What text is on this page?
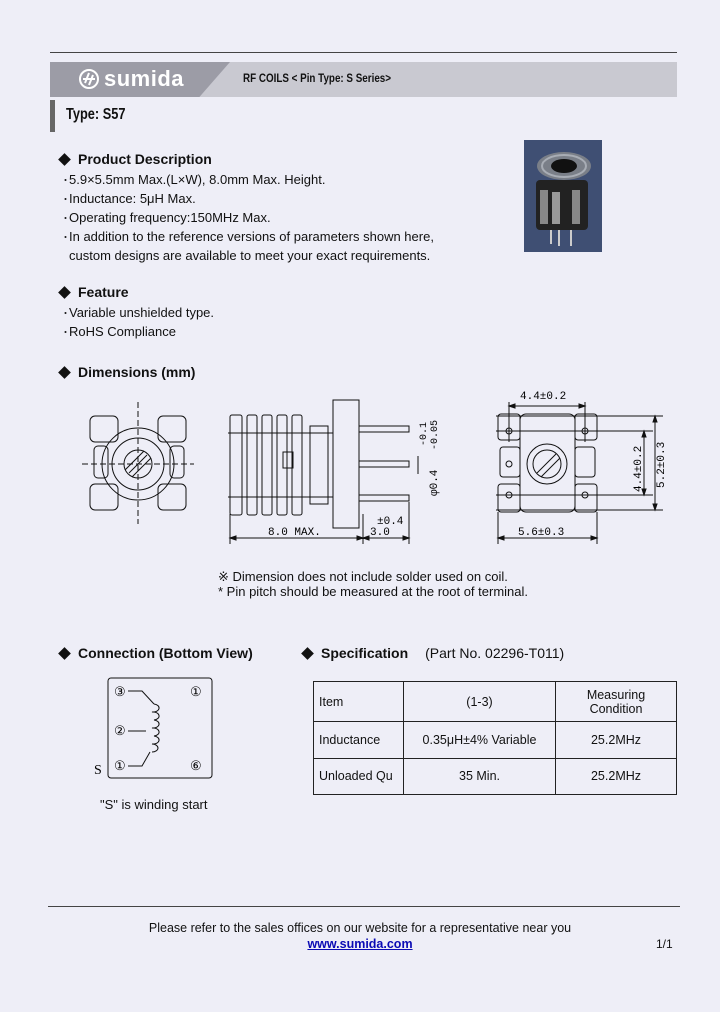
sumida	RF COILS < Pin Type: S Series>
Type: S57
Product Description
・ 5.9×5.5mm Max.(L×W), 8.0mm Max. Height.
・ Inductance: 5μH Max.
・ Operating frequency:150MHz Max.
・ In addition to the reference versions of parameters shown here,
custom designs are available to meet your exact requirements.
Feature
・ Variable unshielded type.
・ RoHS Compliance
Dimensions (mm)
8.0 MAX.	3.0
±0.4
φ0.4
-0.1 -0.05
4.4±0.2
5.6±0.3
4.4±0.2 5.2±0.3
※ Dimension does not include solder used on coil.
* Pin pitch should be measured at the root of terminal.
Connection (Bottom View)
③	①
②
①	⑥
S
"S" is winding start
Specification (Part No. 02296-T011)
Item	(1-3)	Measuring
Condition

Inductance	0.35μH±4% Variable	25.2MHz
Unloaded Qu	35 Min.	25.2MHz
Please refer to the sales offices on our website for a representative near you
www.sumida.com	1/1
